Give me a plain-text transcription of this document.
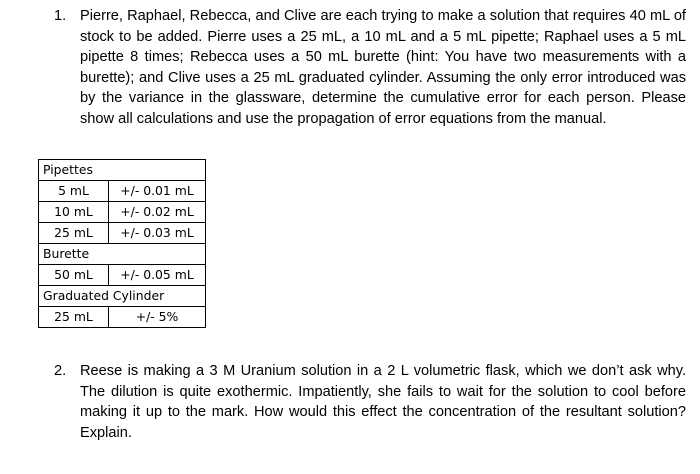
1. Pierre, Raphael, Rebecca, and Clive are each trying to make a solution that requires 40 mL of stock to be added. Pierre uses a 25 mL, a 10 mL and a 5 mL pipette; Raphael uses a 5 mL pipette 8 times; Rebecca uses a 50 mL burette (hint: You have two measurements with a burette); and Clive uses a 25 mL graduated cylinder. Assuming the only error introduced was by the variance in the glassware, determine the cumulative error for each person. Please show all calculations and use the propagation of error equations from the manual.
Pipettes	
5 mL	+/- 0.01 mL
10 mL	+/- 0.02 mL
25 mL	+/- 0.03 mL
Burette	
50 mL	+/- 0.05 mL
Graduated Cylinder	
25 mL	+/- 5%
2. Reese is making a 3 M Uranium solution in a 2 L volumetric flask, which we don’t ask why. The dilution is quite exothermic. Impatiently, she fails to wait for the solution to cool before making it up to the mark. How would this effect the concentration of the resultant solution? Explain.
